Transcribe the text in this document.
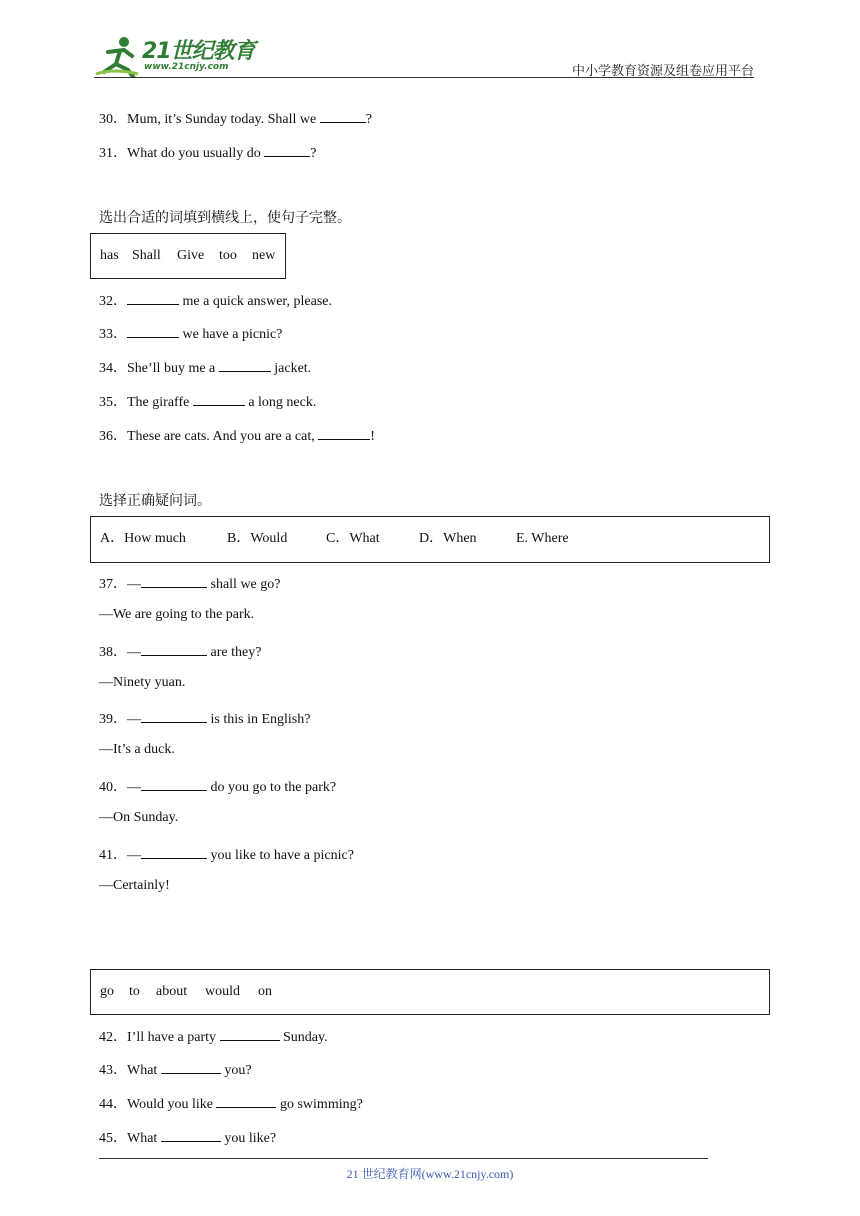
21世纪教育
www.21cnjy.com	中小学教育资源及组卷应用平台
30．Mum, it’s Sunday today. Shall we	?
31．What do you usually do	?
选出合适的词填到横线上，使句子完整。
has Shall Give too new
32．	me a quick answer, please.
33．	we have a picnic?
34．She’ll buy me a	jacket.
35．The giraffe	a long neck.
36．These are cats. And you are a cat,	!
选择正确疑问词。
A．How much	B．Would	C．What	D．When	E. Where
37．—	shall we go?
—We are going to the park.
38．—	are they?
—Ninety yuan.
39．—	is this in English?
—It’s a duck.
40．—	do you go to the park?
—On Sunday.
41．—	you like to have a picnic?
—Certainly!
go to about would on
42．I’ll have a party	Sunday.
43．What	you?
44．Would you like	go swimming?
45．What	you like?
21 世纪教育网(www.21cnjy.com)
